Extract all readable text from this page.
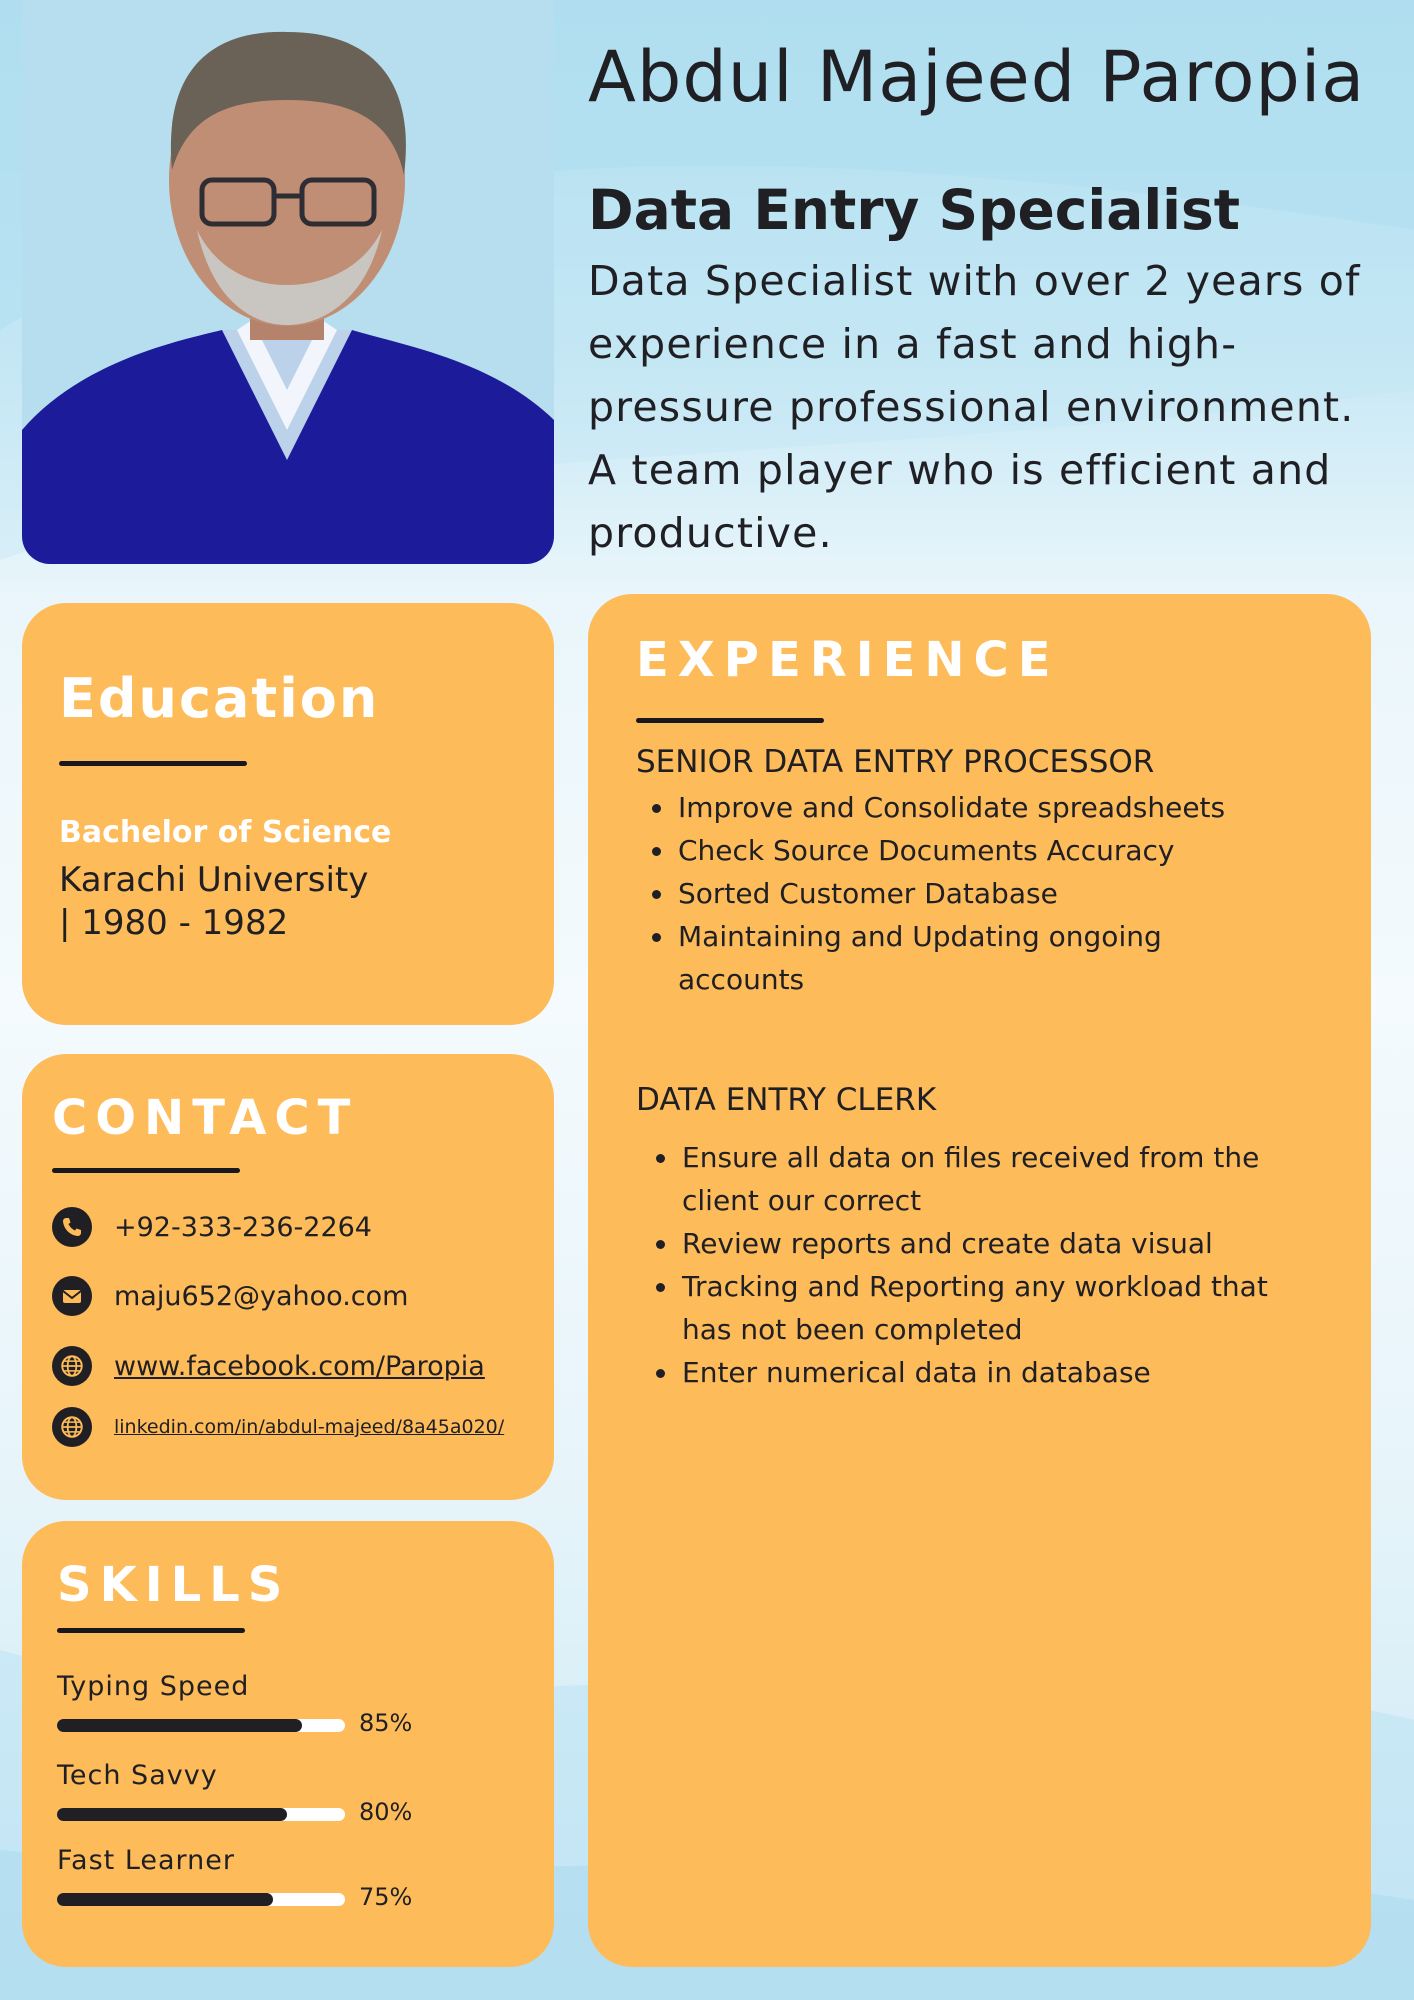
Abdul Majeed Paropia
Data Entry Specialist

Data Specialist with over 2 years of experience in a fast and high-pressure professional environment. A team player who is efficient and productive.

Education

Bachelor of Science

Karachi University | 1980 - 1982

CONTACT
+92-333-236-2264
maju652@yahoo.com
www.facebook.com/Paropia
linkedin.com/in/abdul-majeed/8a45a020/
SKILLS

Typing Speed

85%

Tech Savvy

80%

Fast Learner

75%
EXPERIENCE

SENIOR DATA ENTRY PROCESSOR

• Improve and Consolidate spreadsheets
• Check Source Documents Accuracy
• Sorted Customer Database
• Maintaining and Updating ongoing accounts

DATA ENTRY CLERK

• Ensure all data on files received from the client our correct
• Review reports and create data visual
• Tracking and Reporting any workload that has not been completed
• Enter numerical data in database
